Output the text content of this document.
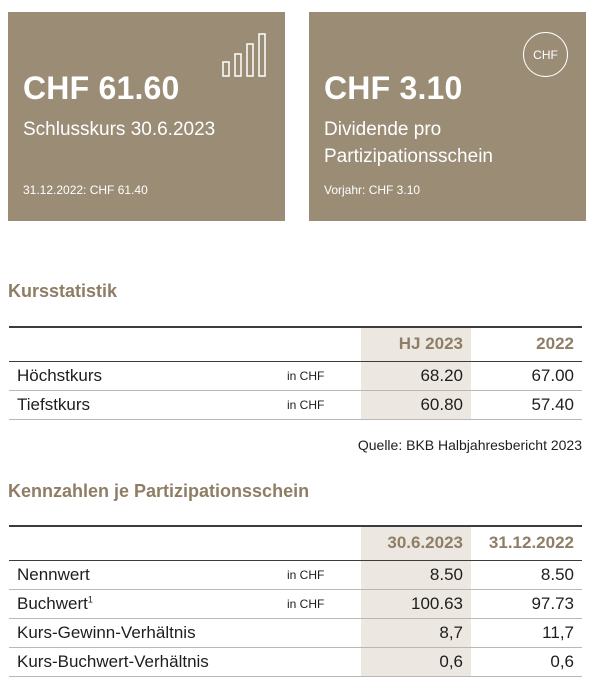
CHF 61.60
Schlusskurs 30.6.2023
31.12.2022: CHF 61.40
CHF 3.10
Dividende pro
Partizipationsschein
Vorjahr: CHF 3.10
CHF
Kursstatistik
		HJ 2023	2022
Höchstkurs	in CHF	68.20	67.00
Tiefstkurs	in CHF	60.80	57.40
Quelle: BKB Halbjahresbericht 2023
Kennzahlen je Partizipationsschein
		30.6.2023	31.12.2022
Nennwert	in CHF	8.50	8.50
Buchwert$^1$	in CHF	100.63	97.73
Kurs-Gewinn-Verhältnis		8,7	11,7
Kurs-Buchwert-Verhältnis		0,6	0,6
